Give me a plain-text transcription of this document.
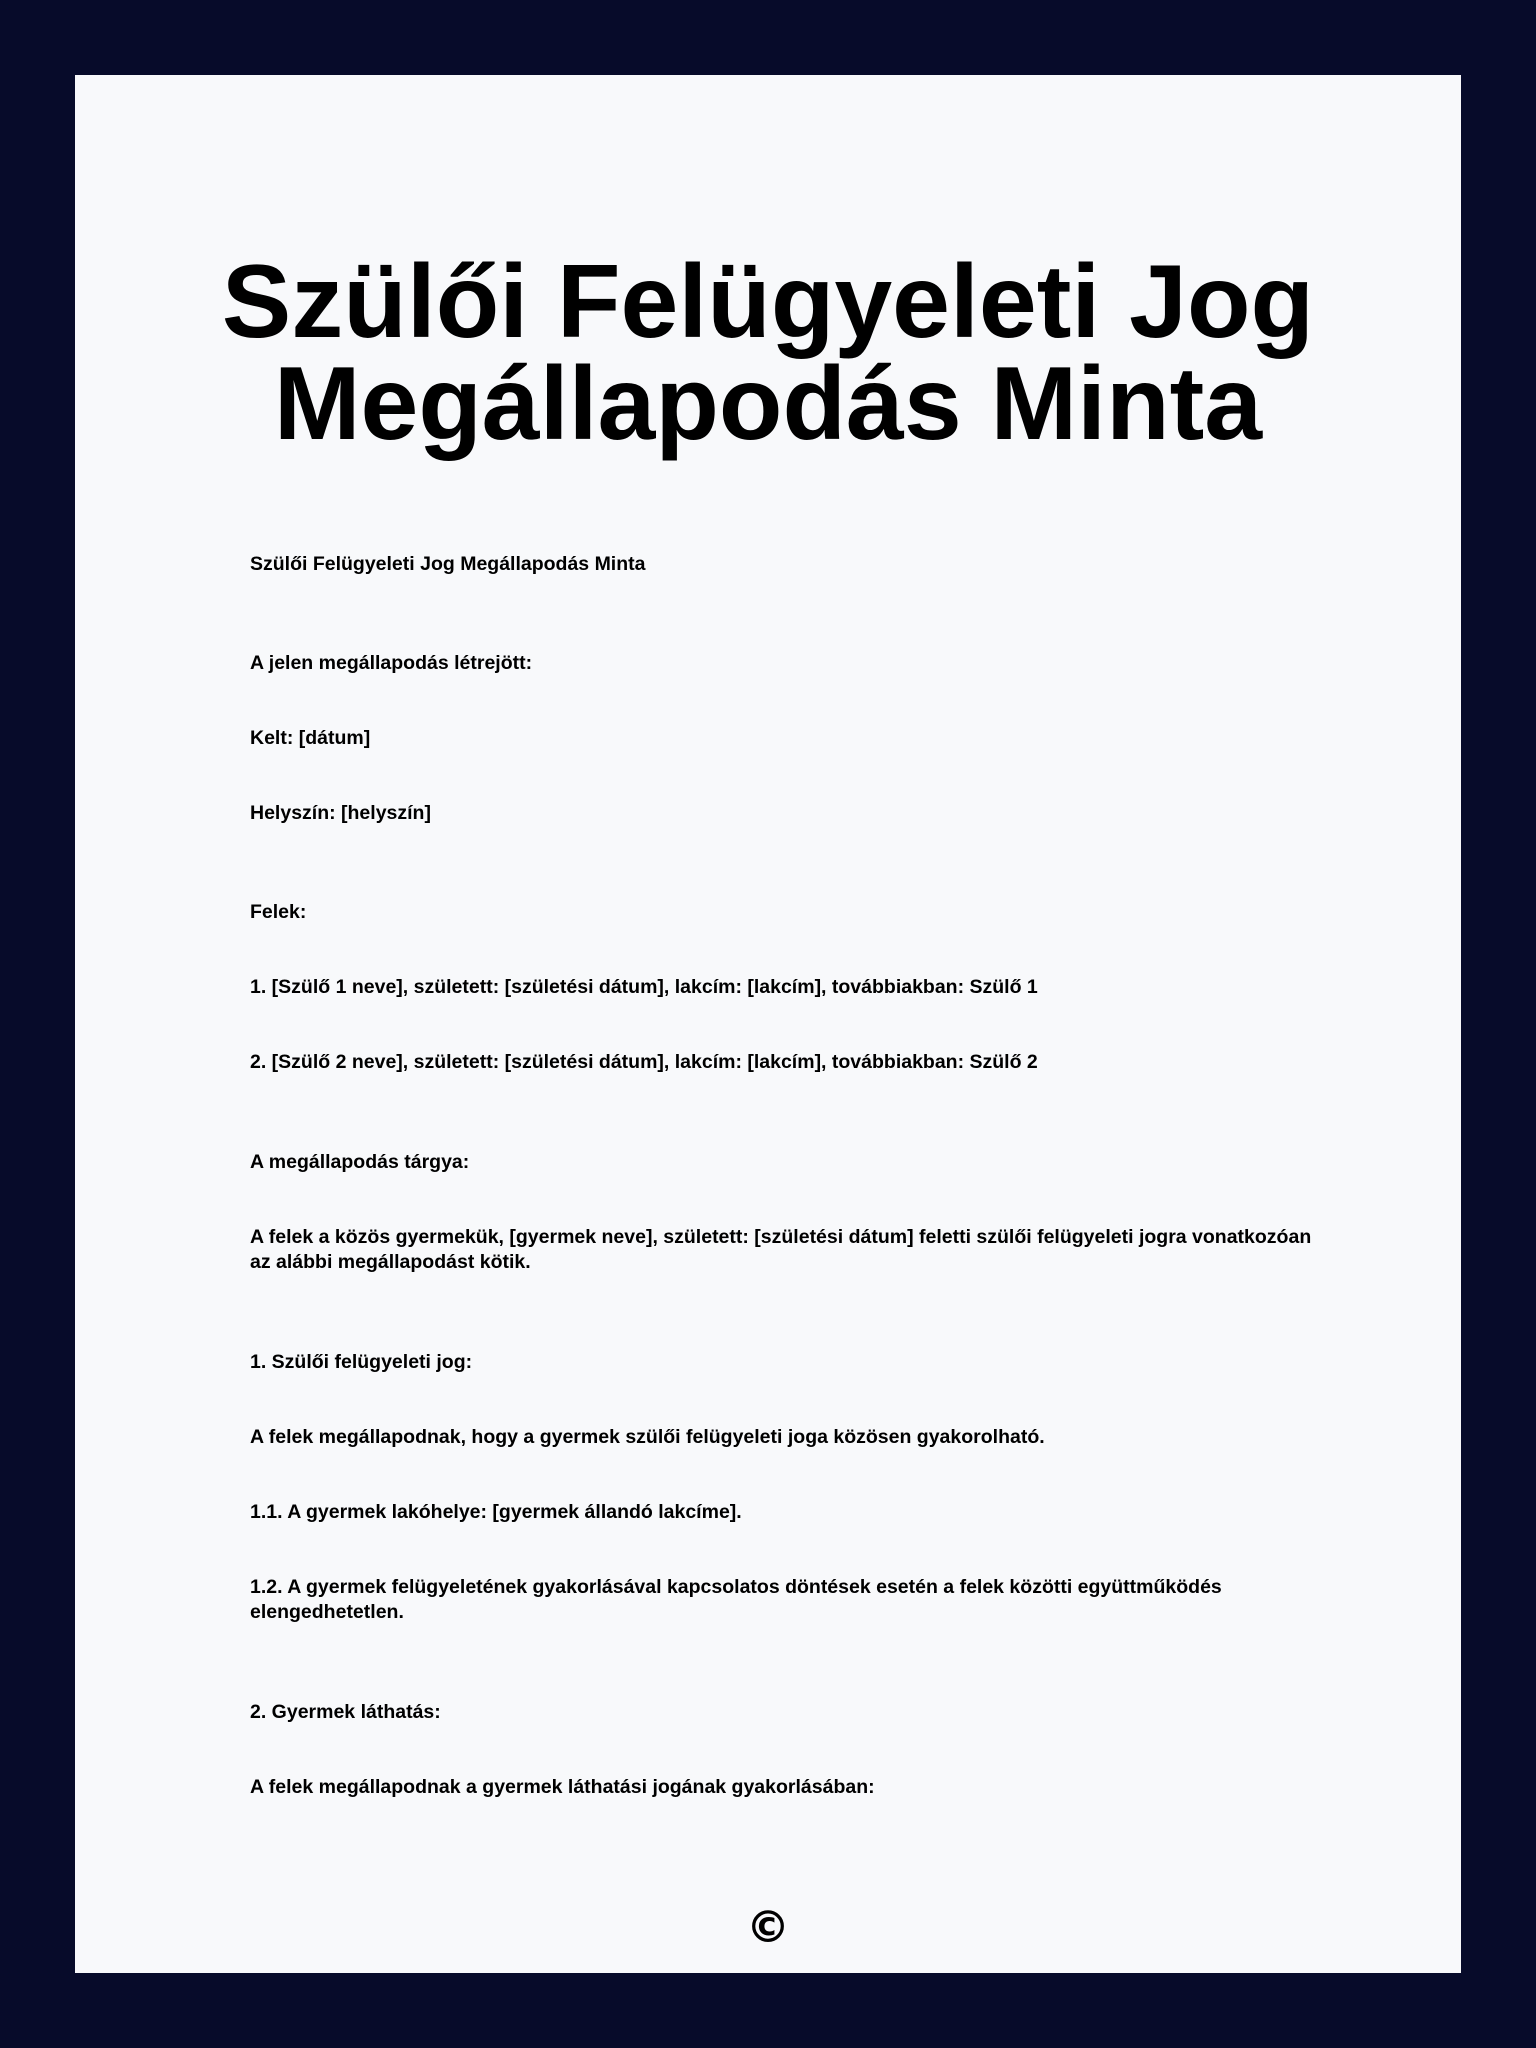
Szülői Felügyeleti Jog
Megállapodás Minta

Szülői Felügyeleti Jog Megállapodás Minta

A jelen megállapodás létrejött:

Kelt: [dátum]

Helyszín: [helyszín]

Felek:

1. [Szülő 1 neve], született: [születési dátum], lakcím: [lakcím], továbbiakban: Szülő 1

2. [Szülő 2 neve], született: [születési dátum], lakcím: [lakcím], továbbiakban: Szülő 2

A megállapodás tárgya:

A felek a közös gyermekük, [gyermek neve], született: [születési dátum] feletti szülői felügyeleti jogra vonatkozóan az alábbi megállapodást kötik.

1. Szülői felügyeleti jog:

A felek megállapodnak, hogy a gyermek szülői felügyeleti joga közösen gyakorolható.

1.1. A gyermek lakóhelye: [gyermek állandó lakcíme].

1.2. A gyermek felügyeletének gyakorlásával kapcsolatos döntések esetén a felek közötti együttműködés elengedhetetlen.

2. Gyermek láthatás:

A felek megállapodnak a gyermek láthatási jogának gyakorlásában:

©
